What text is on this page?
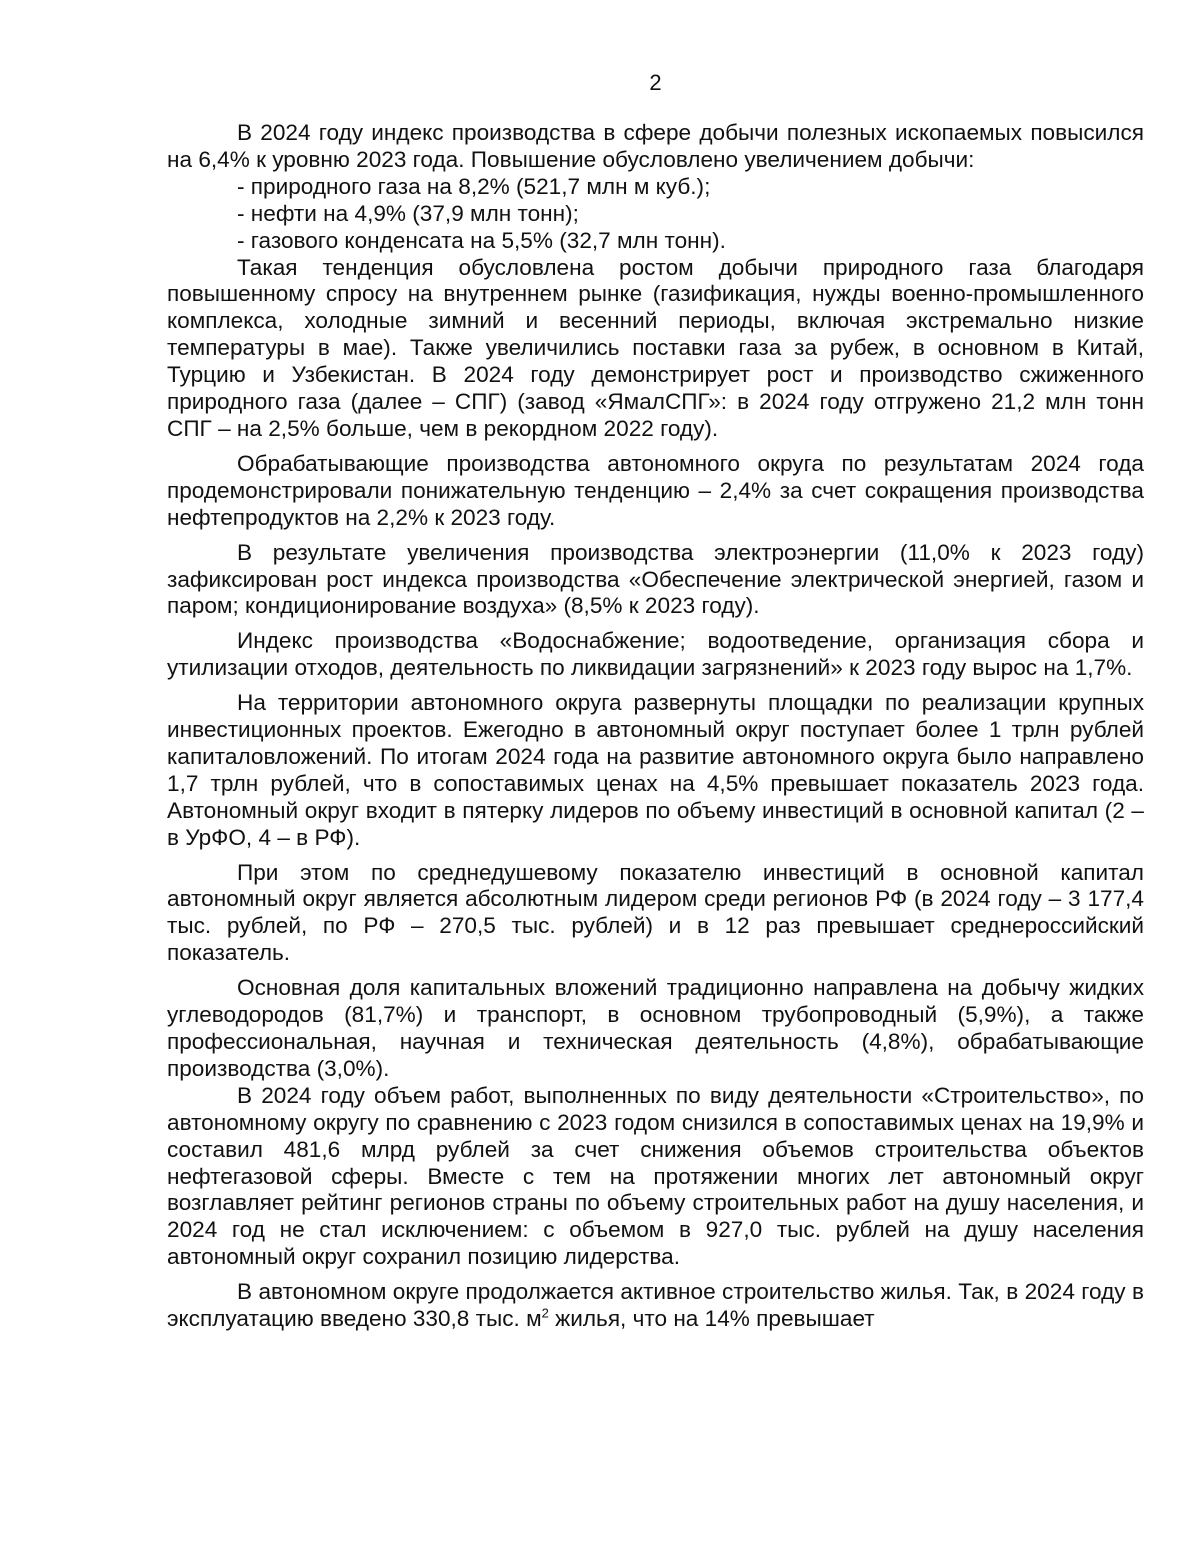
2

В 2024 году индекс производства в сфере добычи полезных ископаемых повысился на 6,4% к уровню 2023 года. Повышение обусловлено увеличением добычи:

- природного газа на 8,2% (521,7 млн м куб.);

- нефти на 4,9% (37,9 млн тонн);

- газового конденсата на 5,5% (32,7 млн тонн).

Такая тенденция обусловлена ростом добычи природного газа благодаря повышенному спросу на внутреннем рынке (газификация, нужды военно-промышленного комплекса, холодные зимний и весенний периоды, включая экстремально низкие температуры в мае). Также увеличились поставки газа за рубеж, в основном в Китай, Турцию и Узбекистан. В 2024 году демонстрирует рост и производство сжиженного природного газа (далее – СПГ) (завод «ЯмалСПГ»: в 2024 году отгружено 21,2 млн тонн СПГ – на 2,5% больше, чем в рекордном 2022 году).

Обрабатывающие производства автономного округа по результатам 2024 года продемонстрировали понижательную тенденцию – 2,4% за счет сокращения производства нефтепродуктов на 2,2% к 2023 году.

В результате увеличения производства электроэнергии (11,0% к 2023 году) зафиксирован рост индекса производства «Обеспечение электрической энергией, газом и паром; кондиционирование воздуха» (8,5% к 2023 году).

Индекс производства «Водоснабжение; водоотведение, организация сбора и утилизации отходов, деятельность по ликвидации загрязнений» к 2023 году вырос на 1,7%.

На территории автономного округа развернуты площадки по реализации крупных инвестиционных проектов. Ежегодно в автономный округ поступает более 1 трлн рублей капиталовложений. По итогам 2024 года на развитие автономного округа было направлено 1,7 трлн рублей, что в сопоставимых ценах на 4,5% превышает показатель 2023 года. Автономный округ входит в пятерку лидеров по объему инвестиций в основной капитал (2 – в УрФО, 4 – в РФ).

При этом по среднедушевому показателю инвестиций в основной капитал автономный округ является абсолютным лидером среди регионов РФ (в 2024 году – 3 177,4 тыс. рублей, по РФ – 270,5 тыс. рублей) и в 12 раз превышает среднероссийский показатель.

Основная доля капитальных вложений традиционно направлена на добычу жидких углеводородов (81,7%) и транспорт, в основном трубопроводный (5,9%), а также профессиональная, научная и техническая деятельность (4,8%), обрабатывающие производства (3,0%).

В 2024 году объем работ, выполненных по виду деятельности «Строительство», по автономному округу по сравнению с 2023 годом снизился в сопоставимых ценах на 19,9% и составил 481,6 млрд рублей за счет снижения объемов строительства объектов нефтегазовой сферы. Вместе с тем на протяжении многих лет автономный округ возглавляет рейтинг регионов страны по объему строительных работ на душу населения, и 2024 год не стал исключением: с объемом в 927,0 тыс. рублей на душу населения автономный округ сохранил позицию лидерства.

В автономном округе продолжается активное строительство жилья. Так, в 2024 году в эксплуатацию введено 330,8 тыс. $м^2$ жилья, что на 14% превышает
